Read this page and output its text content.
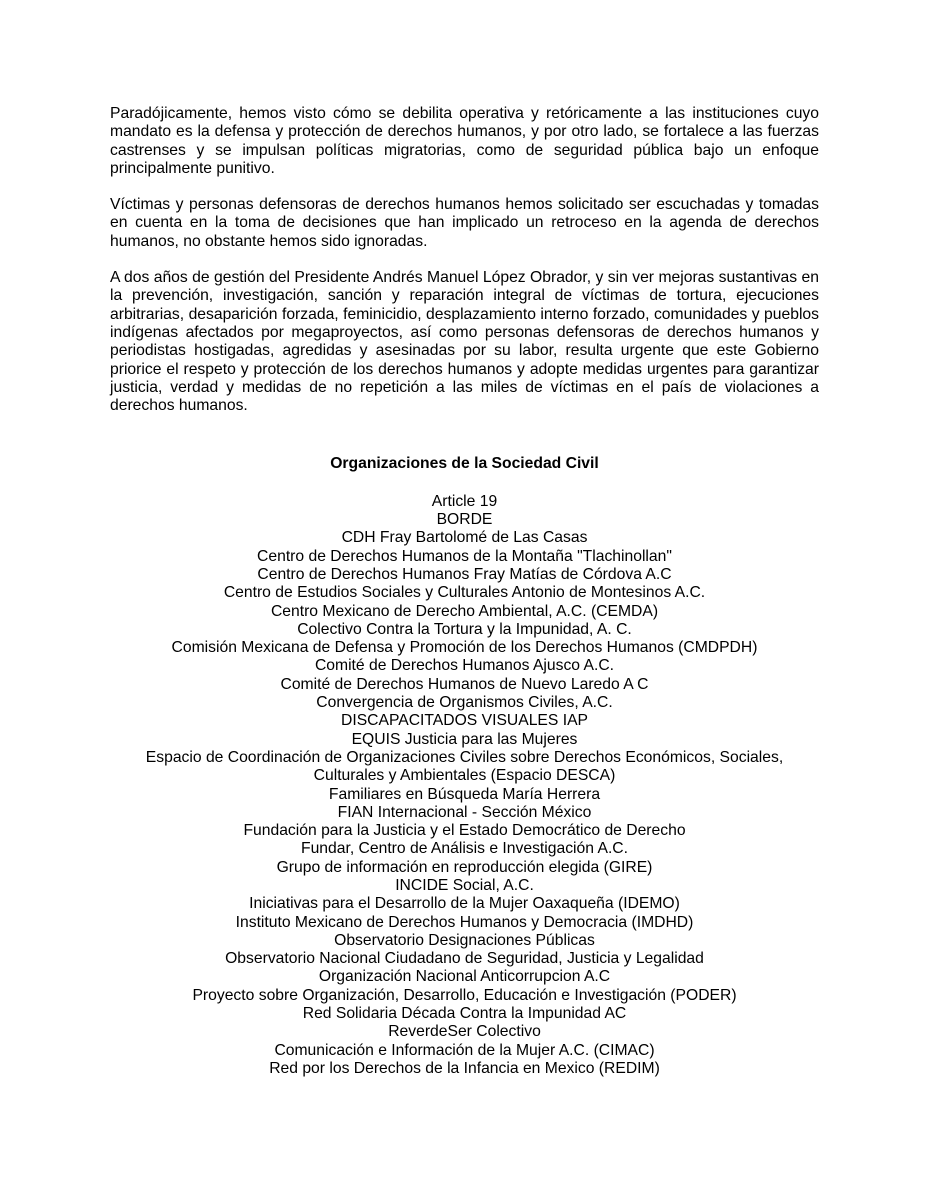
Paradójicamente, hemos visto cómo se debilita operativa y retóricamente a las instituciones cuyo mandato es la defensa y protección de derechos humanos, y por otro lado, se fortalece a las fuerzas castrenses y se impulsan políticas migratorias, como de seguridad pública bajo un enfoque principalmente punitivo.

Víctimas y personas defensoras de derechos humanos hemos solicitado ser escuchadas y tomadas en cuenta en la toma de decisiones que han implicado un retroceso en la agenda de derechos humanos, no obstante hemos sido ignoradas.

A dos años de gestión del Presidente Andrés Manuel López Obrador, y sin ver mejoras sustantivas en la prevención, investigación, sanción y reparación integral de víctimas de tortura, ejecuciones arbitrarias, desaparición forzada, feminicidio, desplazamiento interno forzado, comunidades y pueblos indígenas afectados por megaproyectos, así como personas defensoras de derechos humanos y periodistas hostigadas, agredidas y asesinadas por su labor, resulta urgente que este Gobierno priorice el respeto y protección de los derechos humanos y adopte medidas urgentes para garantizar justicia, verdad y medidas de no repetición a las miles de víctimas en el país de violaciones a derechos humanos.

Organizaciones de la Sociedad Civil
Article 19
BORDE
CDH Fray Bartolomé de Las Casas
Centro de Derechos Humanos de la Montaña "Tlachinollan"
Centro de Derechos Humanos Fray Matías de Córdova A.C
Centro de Estudios Sociales y Culturales Antonio de Montesinos A.C.
Centro Mexicano de Derecho Ambiental, A.C. (CEMDA)
Colectivo Contra la Tortura y la Impunidad, A. C.
Comisión Mexicana de Defensa y Promoción de los Derechos Humanos (CMDPDH)
Comité de Derechos Humanos Ajusco A.C.
Comité de Derechos Humanos de Nuevo Laredo A C
Convergencia de Organismos Civiles, A.C.
DISCAPACITADOS VISUALES IAP
EQUIS Justicia para las Mujeres
Espacio de Coordinación de Organizaciones Civiles sobre Derechos Económicos, Sociales,
Culturales y Ambientales (Espacio DESCA)
Familiares en Búsqueda María Herrera
FIAN Internacional - Sección México
Fundación para la Justicia y el Estado Democrático de Derecho
Fundar, Centro de Análisis e Investigación A.C.
Grupo de información en reproducción elegida (GIRE)
INCIDE Social, A.C.
Iniciativas para el Desarrollo de la Mujer Oaxaqueña (IDEMO)
Instituto Mexicano de Derechos Humanos y Democracia (IMDHD)
Observatorio Designaciones Públicas
Observatorio Nacional Ciudadano de Seguridad, Justicia y Legalidad
Organización Nacional Anticorrupcion A.C
Proyecto sobre Organización, Desarrollo, Educación e Investigación (PODER)
Red Solidaria Década Contra la Impunidad AC
ReverdeSer Colectivo
Comunicación e Información de la Mujer A.C. (CIMAC)
Red por los Derechos de la Infancia en Mexico (REDIM)
